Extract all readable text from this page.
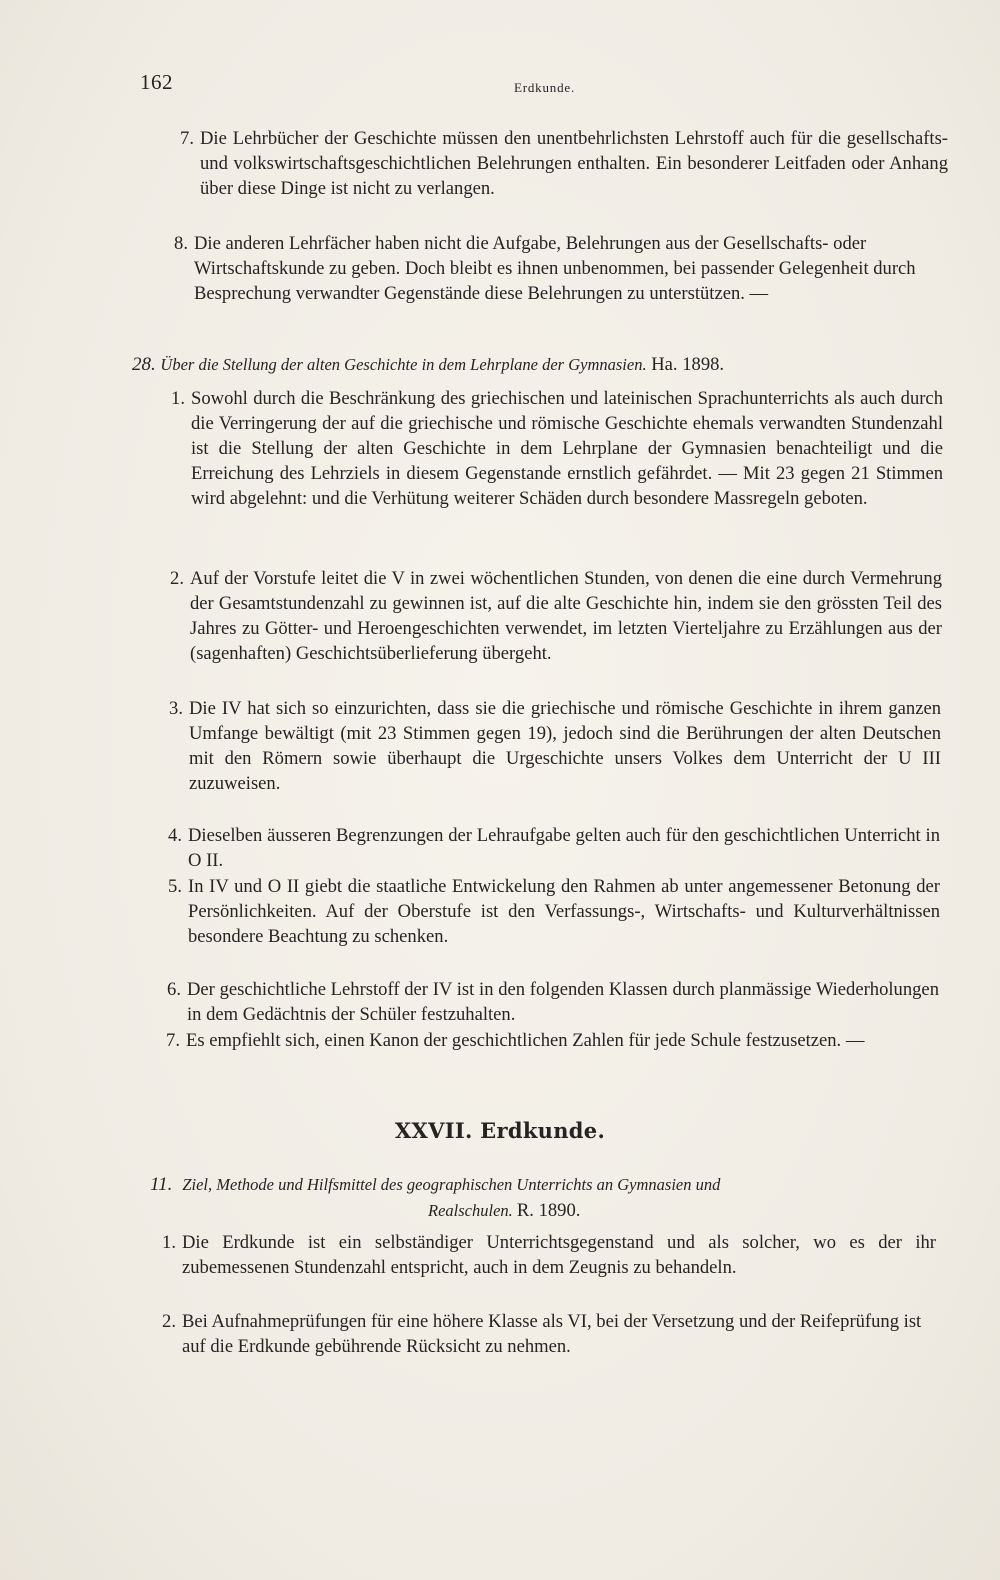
162	Erdkunde.
7. Die Lehrbücher der Geschichte müssen den unentbehrlichsten Lehrstoff auch für die gesellschafts- und volkswirtschaftsgeschichtlichen Belehrungen enthalten. Ein besonderer Leitfaden oder Anhang über diese Dinge ist nicht zu verlangen.
8. Die anderen Lehrfächer haben nicht die Aufgabe, Belehrungen aus der Gesellschafts- oder Wirtschaftskunde zu geben. Doch bleibt es ihnen unbenommen, bei passender Gelegenheit durch Besprechung verwandter Gegenstände diese Belehrungen zu unterstützen. —
28. Über die Stellung der alten Geschichte in dem Lehrplane der Gymnasien. Ha. 1898.
1. Sowohl durch die Beschränkung des griechischen und lateinischen Sprachunterrichts als auch durch die Verringerung der auf die griechische und römische Geschichte ehemals verwandten Stundenzahl ist die Stellung der alten Geschichte in dem Lehrplane der Gymnasien benachteiligt und die Erreichung des Lehrziels in diesem Gegenstande ernstlich gefährdet. — Mit 23 gegen 21 Stimmen wird abgelehnt: und die Verhütung weiterer Schäden durch besondere Massregeln geboten.
2. Auf der Vorstufe leitet die V in zwei wöchentlichen Stunden, von denen die eine durch Vermehrung der Gesamtstundenzahl zu gewinnen ist, auf die alte Geschichte hin, indem sie den grössten Teil des Jahres zu Götter- und Heroengeschichten verwendet, im letzten Vierteljahre zu Erzählungen aus der (sagenhaften) Geschichtsüberlieferung übergeht.
3. Die IV hat sich so einzurichten, dass sie die griechische und römische Geschichte in ihrem ganzen Umfange bewältigt (mit 23 Stimmen gegen 19), jedoch sind die Berührungen der alten Deutschen mit den Römern sowie überhaupt die Urgeschichte unsers Volkes dem Unterricht der U III zuzuweisen.
4. Dieselben äusseren Begrenzungen der Lehraufgabe gelten auch für den geschichtlichen Unterricht in O II.
5. In IV und O II giebt die staatliche Entwickelung den Rahmen ab unter angemessener Betonung der Persönlichkeiten. Auf der Oberstufe ist den Verfassungs-, Wirtschafts- und Kulturverhältnissen besondere Beachtung zu schenken.
6. Der geschichtliche Lehrstoff der IV ist in den folgenden Klassen durch planmässige Wiederholungen in dem Gedächtnis der Schüler festzuhalten.
7. Es empfiehlt sich, einen Kanon der geschichtlichen Zahlen für jede Schule festzusetzen. —
XXVII. Erdkunde.
11. Ziel, Methode und Hilfsmittel des geographischen Unterrichts an Gymnasien und
Realschulen. R. 1890.
1. Die Erdkunde ist ein selbständiger Unterrichtsgegenstand und als solcher, wo es der ihr zubemessenen Stundenzahl entspricht, auch in dem Zeugnis zu behandeln.
2. Bei Aufnahmeprüfungen für eine höhere Klasse als VI, bei der Versetzung und der Reifeprüfung ist auf die Erdkunde gebührende Rücksicht zu nehmen.
